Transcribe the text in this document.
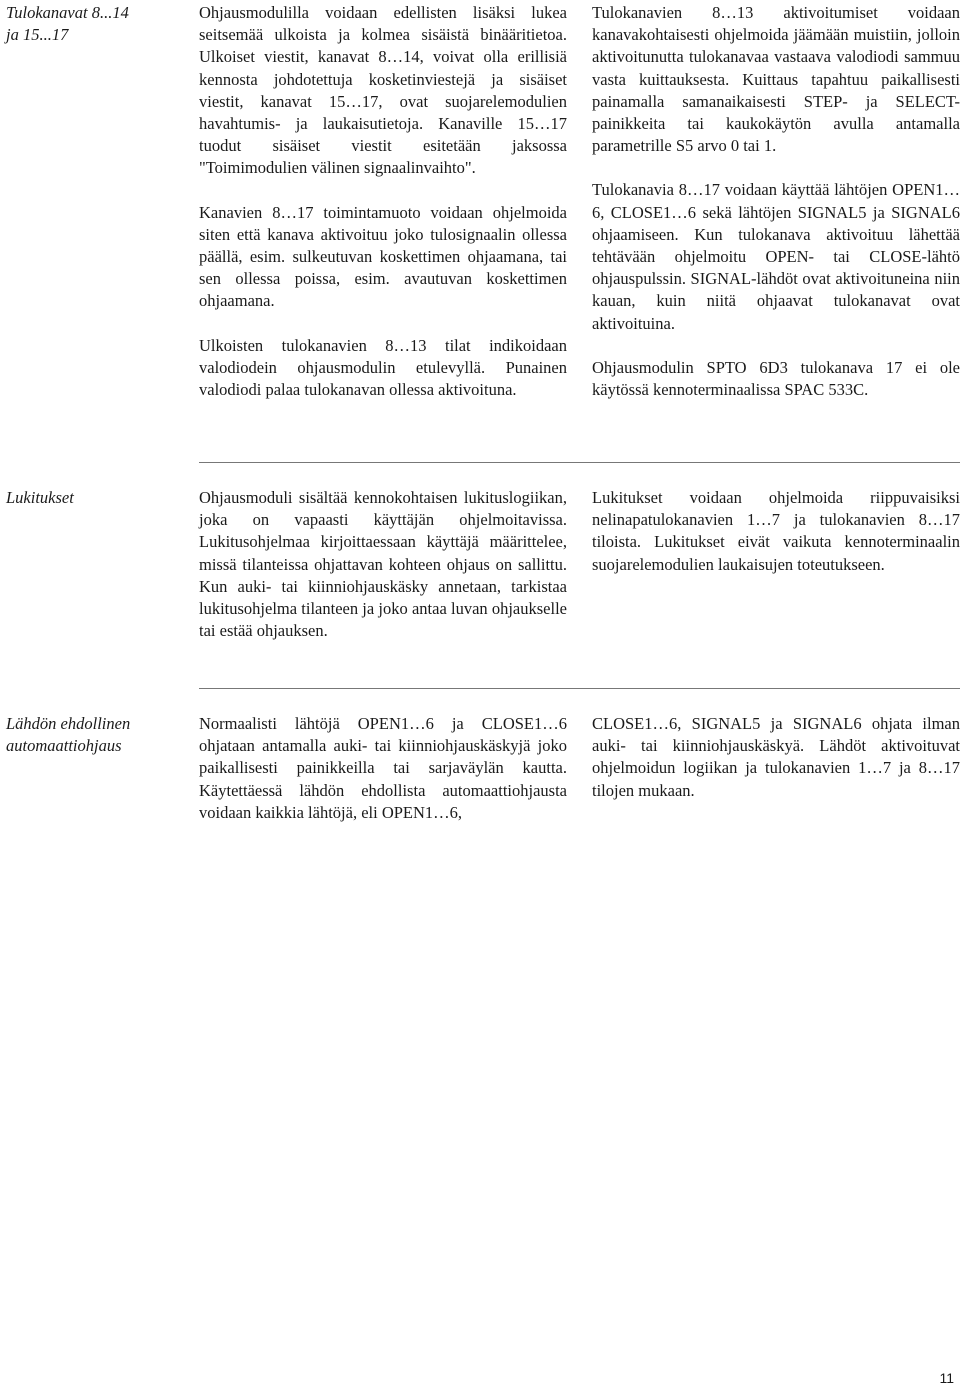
Tulokanavat 8...14
ja 15...17

Ohjausmodulilla voidaan edellisten lisäksi lukea seitsemää ulkoista ja kolmea sisäistä binääritietoa. Ulkoiset viestit, kanavat 8…14, voivat olla erillisiä kennosta johdotettuja kosketinviestejä ja sisäiset viestit, kanavat 15…17, ovat suojarelemodulien havahtumis- ja laukaisutietoja. Kanaville 15…17 tuodut sisäiset viestit esitetään jaksossa "Toimimodulien välinen signaalinvaihto".

Kanavien 8…17 toimintamuoto voidaan ohjelmoida siten että kanava aktivoituu joko tulosignaalin ollessa päällä, esim. sulkeutuvan koskettimen ohjaamana, tai sen ollessa poissa, esim. avautuvan koskettimen ohjaamana.

Ulkoisten tulokanavien 8…13 tilat indikoidaan valodiodein ohjausmodulin etulevyllä. Punainen valodiodi palaa tulokanavan ollessa aktivoituna.

Tulokanavien 8…13 aktivoitumiset voidaan kanavakohtaisesti ohjelmoida jäämään muistiin, jolloin aktivoitunutta tulokanavaa vastaava valodiodi sammuu vasta kuittauksesta. Kuittaus tapahtuu paikallisesti painamalla samanaikaisesti STEP- ja SELECT-painikkeita tai kaukokäytön avulla antamalla parametrille S5 arvo 0 tai 1.

Tulokanavia 8…17 voidaan käyttää lähtöjen OPEN1…6, CLOSE1…6 sekä lähtöjen SIGNAL5 ja SIGNAL6 ohjaamiseen. Kun tulokanava aktivoituu lähettää tehtävään ohjelmoitu OPEN- tai CLOSE-lähtö ohjauspulssin. SIGNAL-lähdöt ovat aktivoituneina niin kauan, kuin niitä ohjaavat tulokanavat ovat aktivoituina.

Ohjausmodulin SPTO 6D3 tulokanava 17 ei ole käytössä kennoterminaalissa SPAC 533C.

Lukitukset	Ohjausmoduli sisältää kennokohtaisen lukituslogiikan, joka on vapaasti käyttäjän ohjelmoitavissa. Lukitusohjelmaa kirjoittaessaan käyttäjä määrittelee, missä tilanteissa ohjattavan kohteen ohjaus on sallittu. Kun auki- tai kiinniohjauskäsky annetaan, tarkistaa lukitusohjelma tilanteen ja joko antaa luvan ohjaukselle tai estää ohjauksen.

Lukitukset voidaan ohjelmoida riippuvaisiksi nelinapatulokanavien 1…7 ja tulokanavien 8…17 tiloista. Lukitukset eivät vaikuta kennoterminaalin suojarelemodulien laukaisujen toteutukseen.

Lähdön ehdollinen
automaattiohjaus

Normaalisti lähtöjä OPEN1…6 ja CLOSE1…6 ohjataan antamalla auki- tai kiinniohjauskäskyjä joko paikallisesti painikkeilla tai sarjaväylän kautta. Käytettäessä lähdön ehdollista automaattiohjausta voidaan kaikkia lähtöjä, eli OPEN1…6,

CLOSE1…6, SIGNAL5 ja SIGNAL6 ohjata ilman auki- tai kiinniohjauskäskyä. Lähdöt aktivoituvat ohjelmoidun logiikan ja tulokanavien 1…7 ja 8…17 tilojen mukaan.

11
